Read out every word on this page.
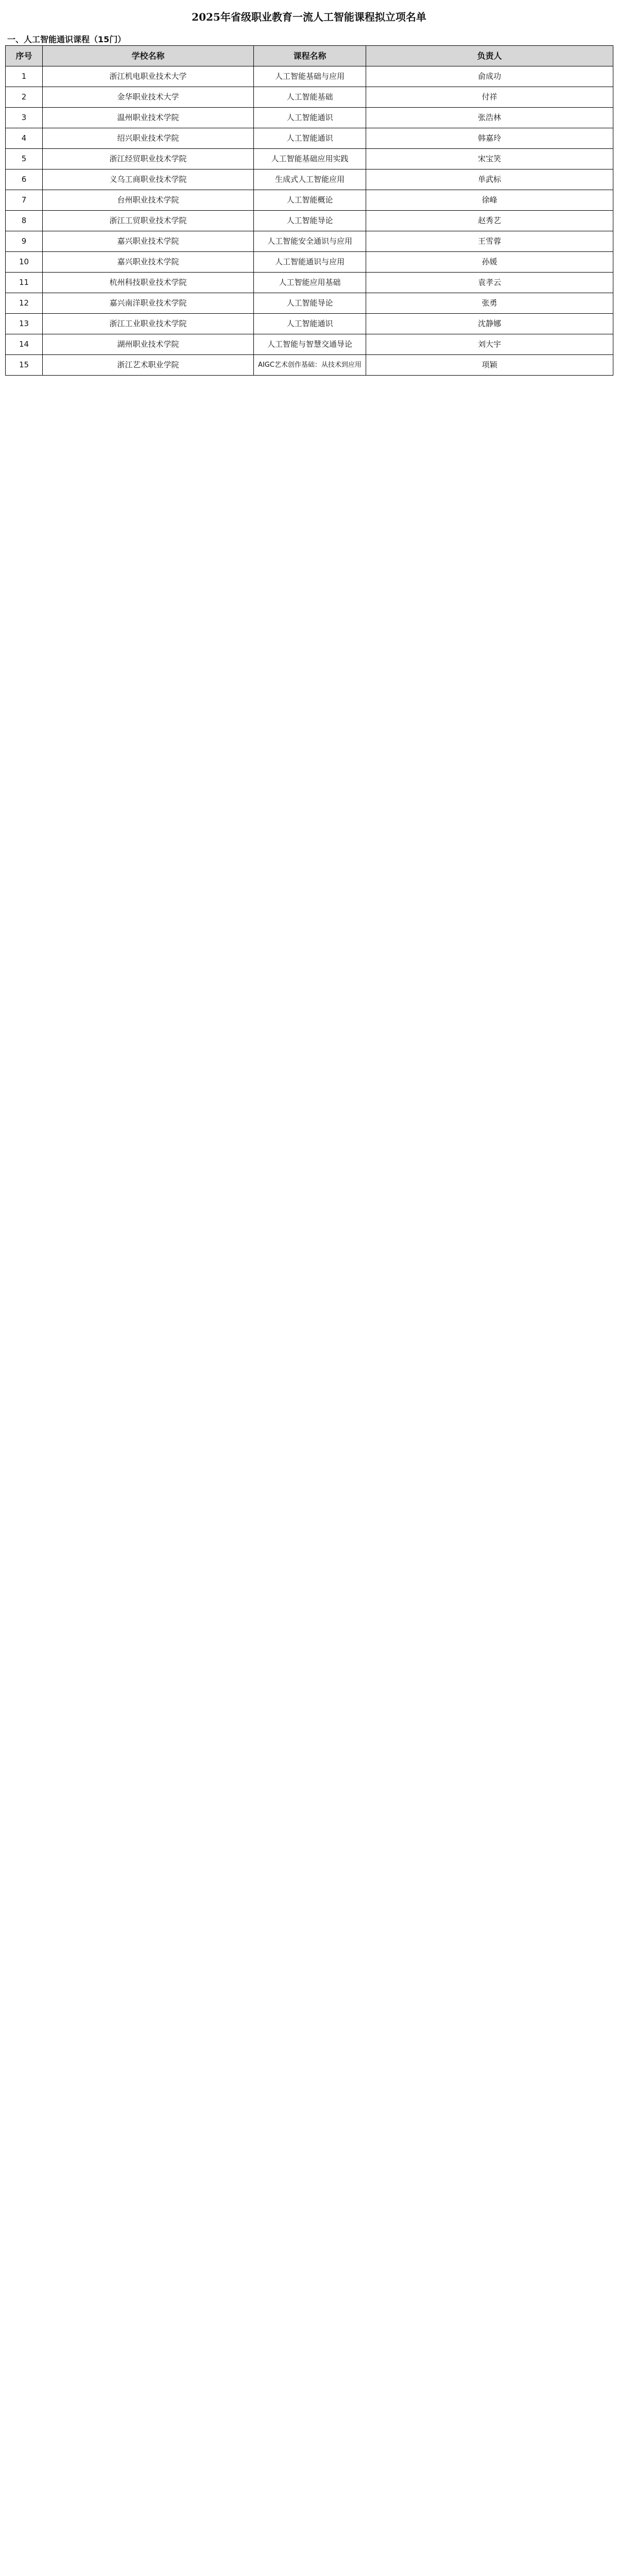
2025年省级职业教育一流人工智能课程拟立项名单
一、人工智能通识课程（15门）
序号	学校名称	课程名称	负责人
1	浙江机电职业技术大学	人工智能基础与应用	俞成功
2	金华职业技术大学	人工智能基础	付祥
3	温州职业技术学院	人工智能通识	张浩林
4	绍兴职业技术学院	人工智能通识	韩嘉玲
5	浙江经贸职业技术学院	人工智能基础应用实践	宋宝笑
6	义乌工商职业技术学院	生成式人工智能应用	单武标
7	台州职业技术学院	人工智能概论	徐峰
8	浙江工贸职业技术学院	人工智能导论	赵秀艺
9	嘉兴职业技术学院	人工智能安全通识与应用	王雪蓉
10	嘉兴职业技术学院	人工智能通识与应用	孙媛
11	杭州科技职业技术学院	人工智能应用基础	袁孝云
12	嘉兴南洋职业技术学院	人工智能导论	张勇
13	浙江工业职业技术学院	人工智能通识	沈静娜
14	湖州职业技术学院	人工智能与智慧交通导论	刘大宇
15	浙江艺术职业学院	AIGC艺术创作基础：从技术到应用	项颖
